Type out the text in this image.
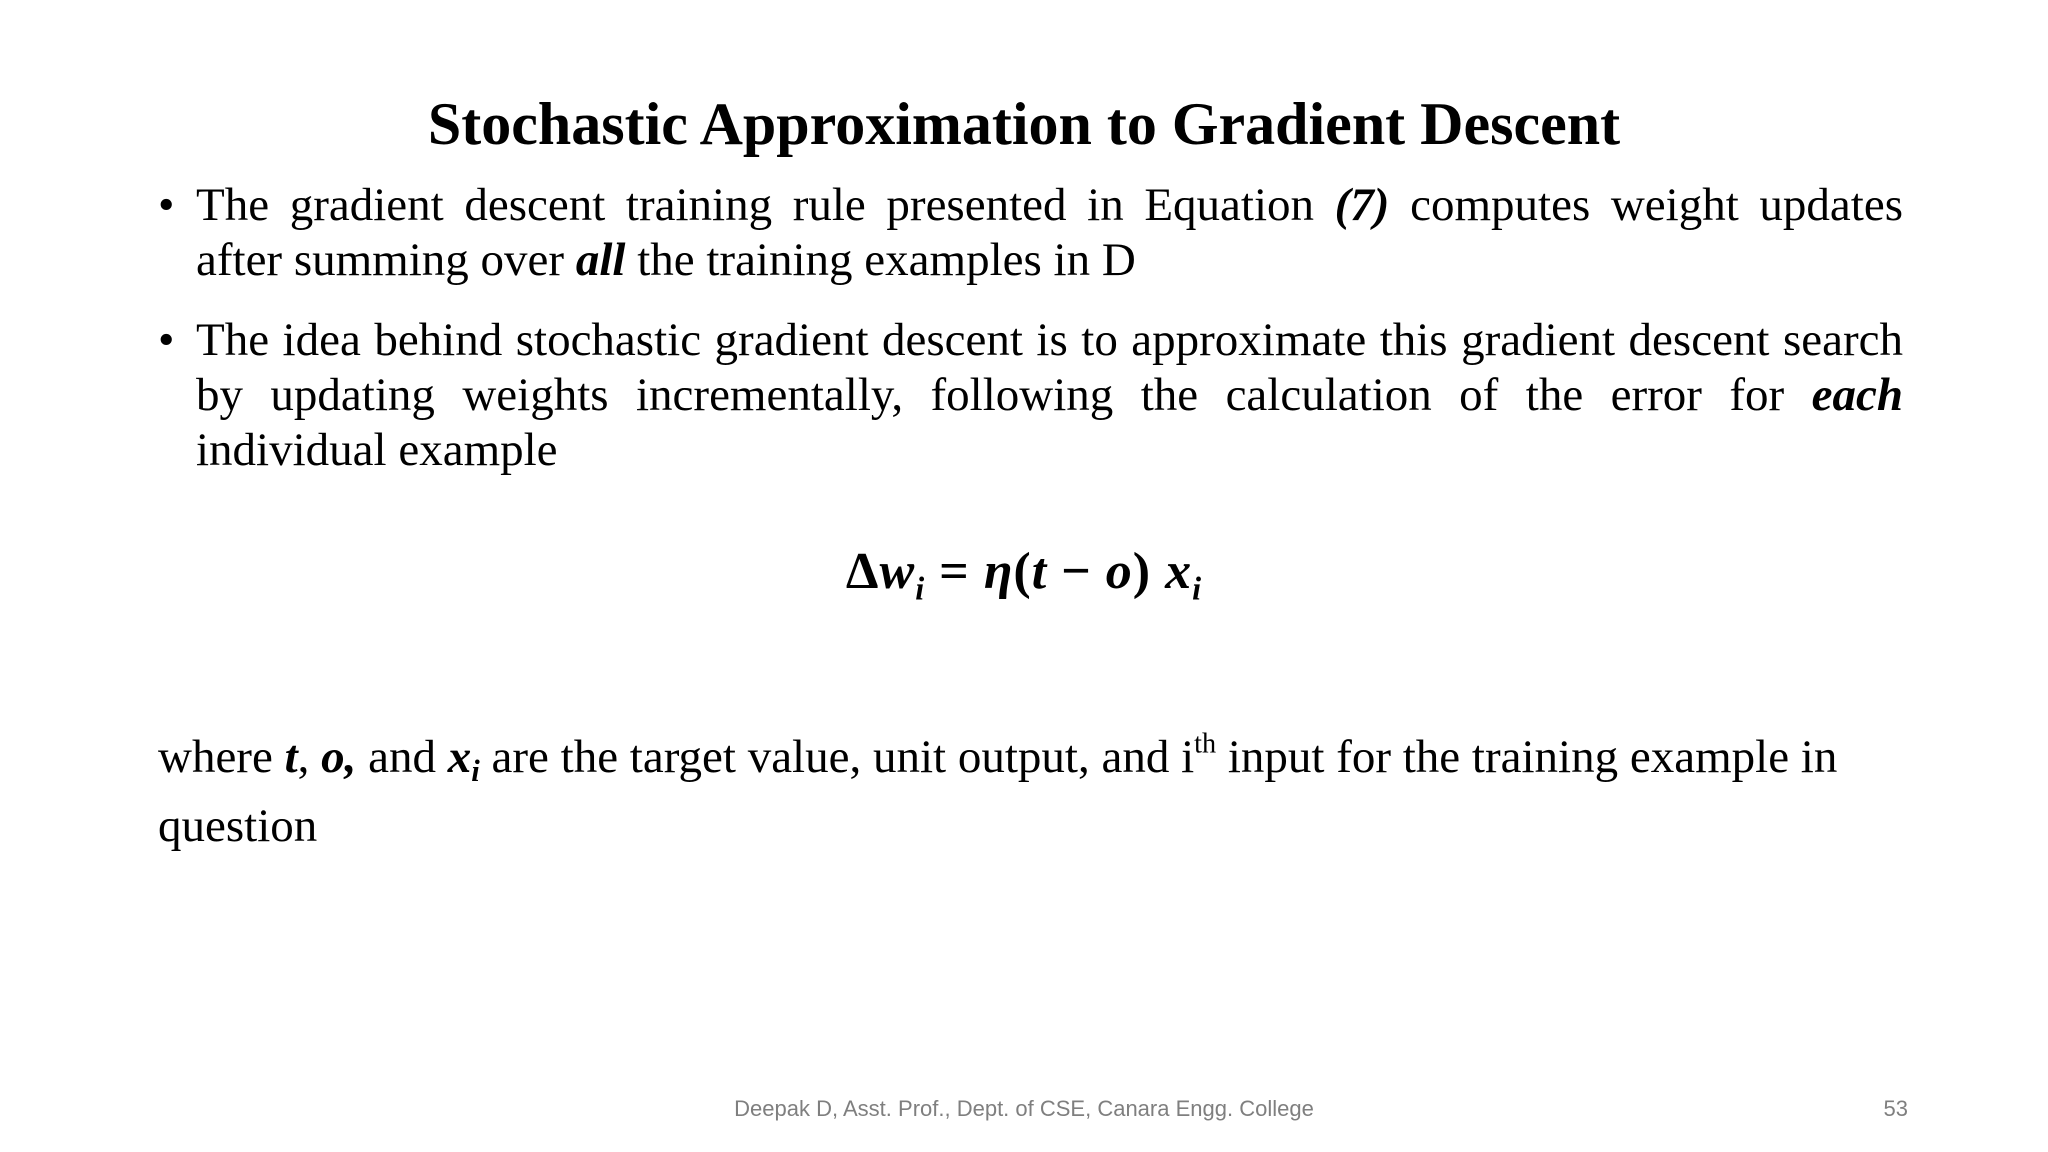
Stochastic Approximation to Gradient Descent
• The gradient descent training rule presented in Equation (7) computes weight updates after summing over all the training examples in D
• The idea behind stochastic gradient descent is to approximate this gradient descent search by updating weights incrementally, following the calculation of the error for each individual example
$\Delta w_i = \eta(t - o)$ $x_i$
where t, o, and $x_i$ are the target value, unit output, and $i^{th}$ input for the training example in question
Deepak D, Asst. Prof., Dept. of CSE, Canara Engg. College	53
